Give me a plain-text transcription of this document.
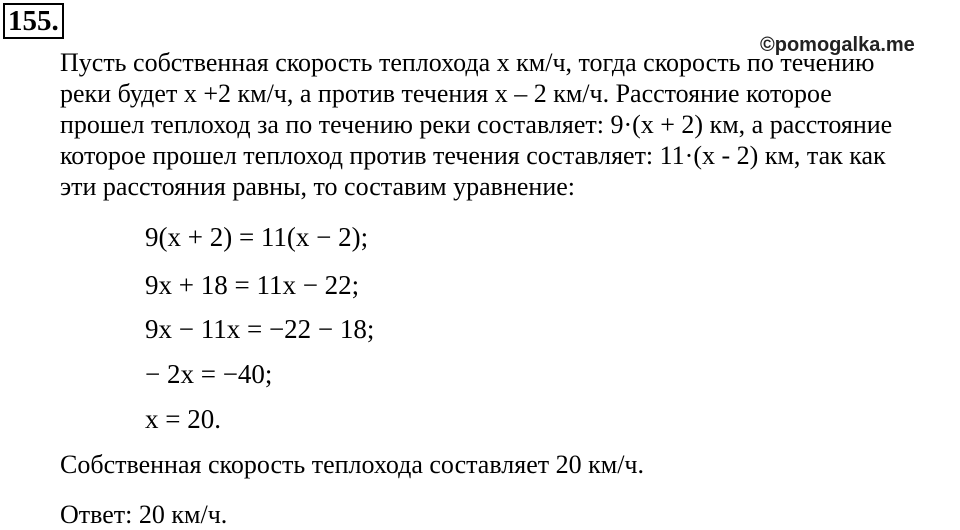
155.
©pomogalka.me
Пусть собственная скорость теплохода x км/ч, тогда скорость по течению
реки будет x +2 км/ч, а против течения x – 2 км/ч. Расстояние которое
прошел теплоход за по течению реки составляет: 9·(x + 2) км, а расстояние
которое прошел теплоход против течения составляет: 11·(x - 2) км, так как
эти расстояния равны, то составим уравнение:
9(x + 2) = 11(x − 2);
9x + 18 = 11x − 22;
9x − 11x = −22 − 18;
− 2x = −40;
x = 20.
Собственная скорость теплохода составляет 20 км/ч.
Ответ: 20 км/ч.
